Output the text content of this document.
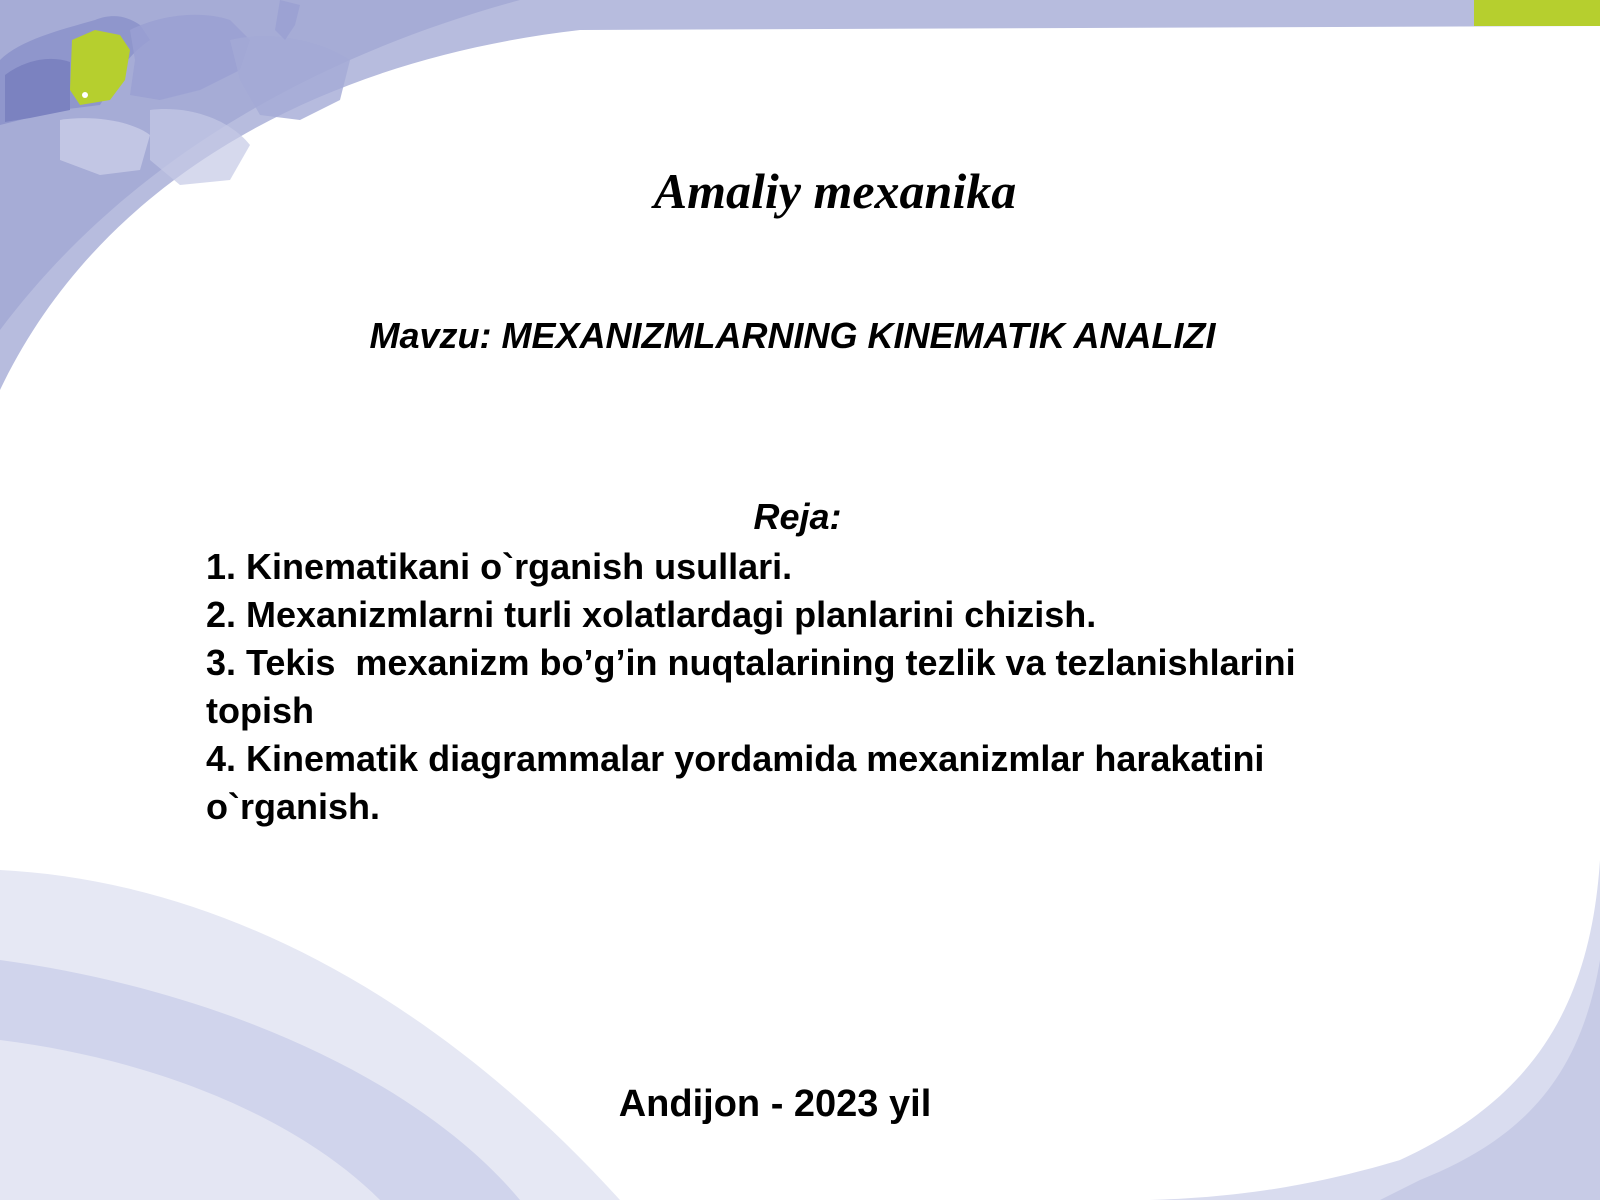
Amaliy mexanika

Mavzu: MEXANIZMLARNING KINEMATIK ANALIZI

Reja:

1. Kinematikani o`rganish usullari.
2. Mexanizmlarni turli xolatlardagi planlarini chizish.
3. Tekis  mexanizm bo’g’in nuqtalarining tezlik va tezlanishlarini topish
4. Kinematik diagrammalar yordamida mexanizmlar harakatini o`rganish.

Andijon - 2023 yil
